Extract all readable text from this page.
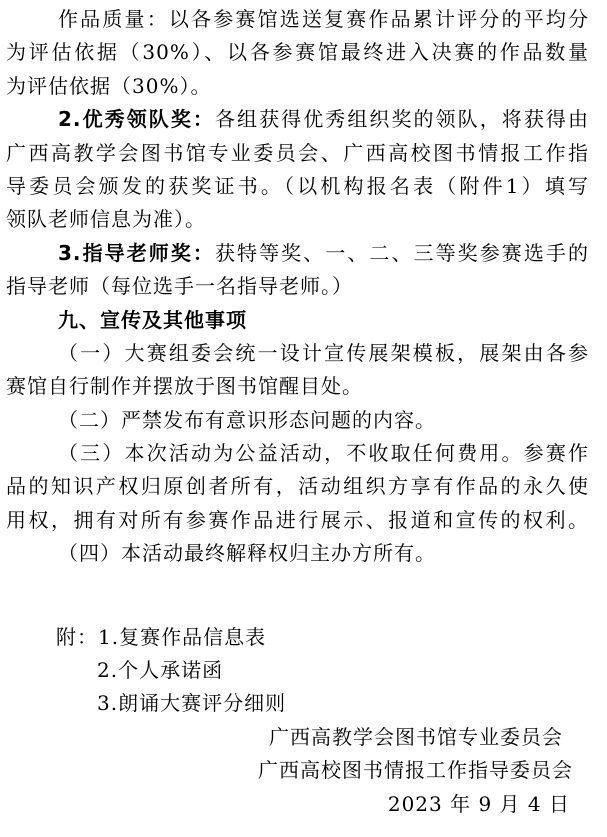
作品质量：以各参赛馆选送复赛作品累计评分的平均分
为评估依据（30%）、以各参赛馆最终进入决赛的作品数量
为评估依据（30%）。
2.优秀领队奖：各组获得优秀组织奖的领队，将获得由
广西高教学会图书馆专业委员会、广西高校图书情报工作指
导委员会颁发的获奖证书。（以机构报名表（附件1）填写
领队老师信息为准）。
3.指导老师奖：获特等奖、一、二、三等奖参赛选手的
指导老师（每位选手一名指导老师。）
九、宣传及其他事项
（一）大赛组委会统一设计宣传展架模板，展架由各参
赛馆自行制作并摆放于图书馆醒目处。
（二）严禁发布有意识形态问题的内容。
（三）本次活动为公益活动，不收取任何费用。参赛作
品的知识产权归原创者所有，活动组织方享有作品的永久使
用权，拥有对所有参赛作品进行展示、报道和宣传的权利。
（四）本活动最终解释权归主办方所有。
附：1.复赛作品信息表
2.个人承诺函
3.朗诵大赛评分细则
广西高教学会图书馆专业委员会
广西高校图书情报工作指导委员会
2023 年 9 月 4 日
